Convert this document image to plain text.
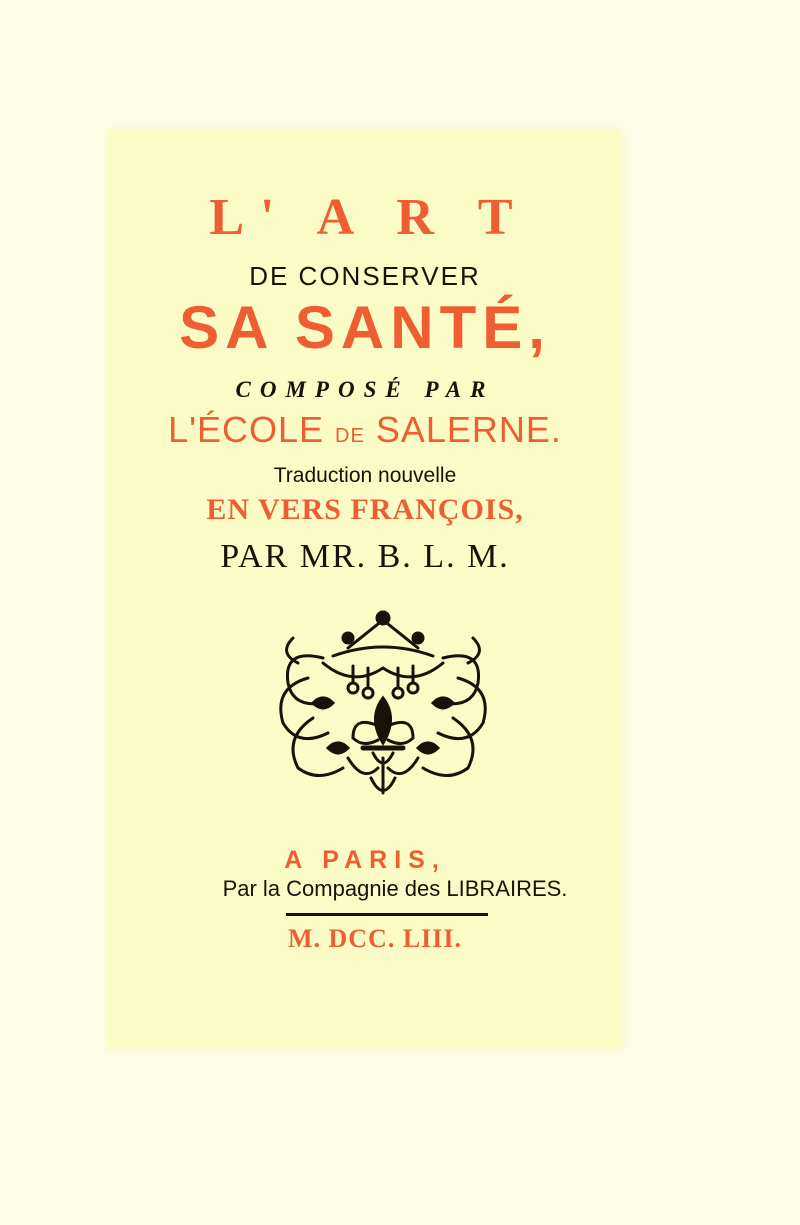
L' A R T
DE CONSERVER
SA SANTÉ,
COMPOSÉ PAR
L'ÉCOLE DE SALERNE.
Traduction nouvelle
EN VERS FRANÇOIS,
PAR MR. B. L. M.
A PARIS,
Par la Compagnie des LIBRAIRES.
M. DCC. LIII.
